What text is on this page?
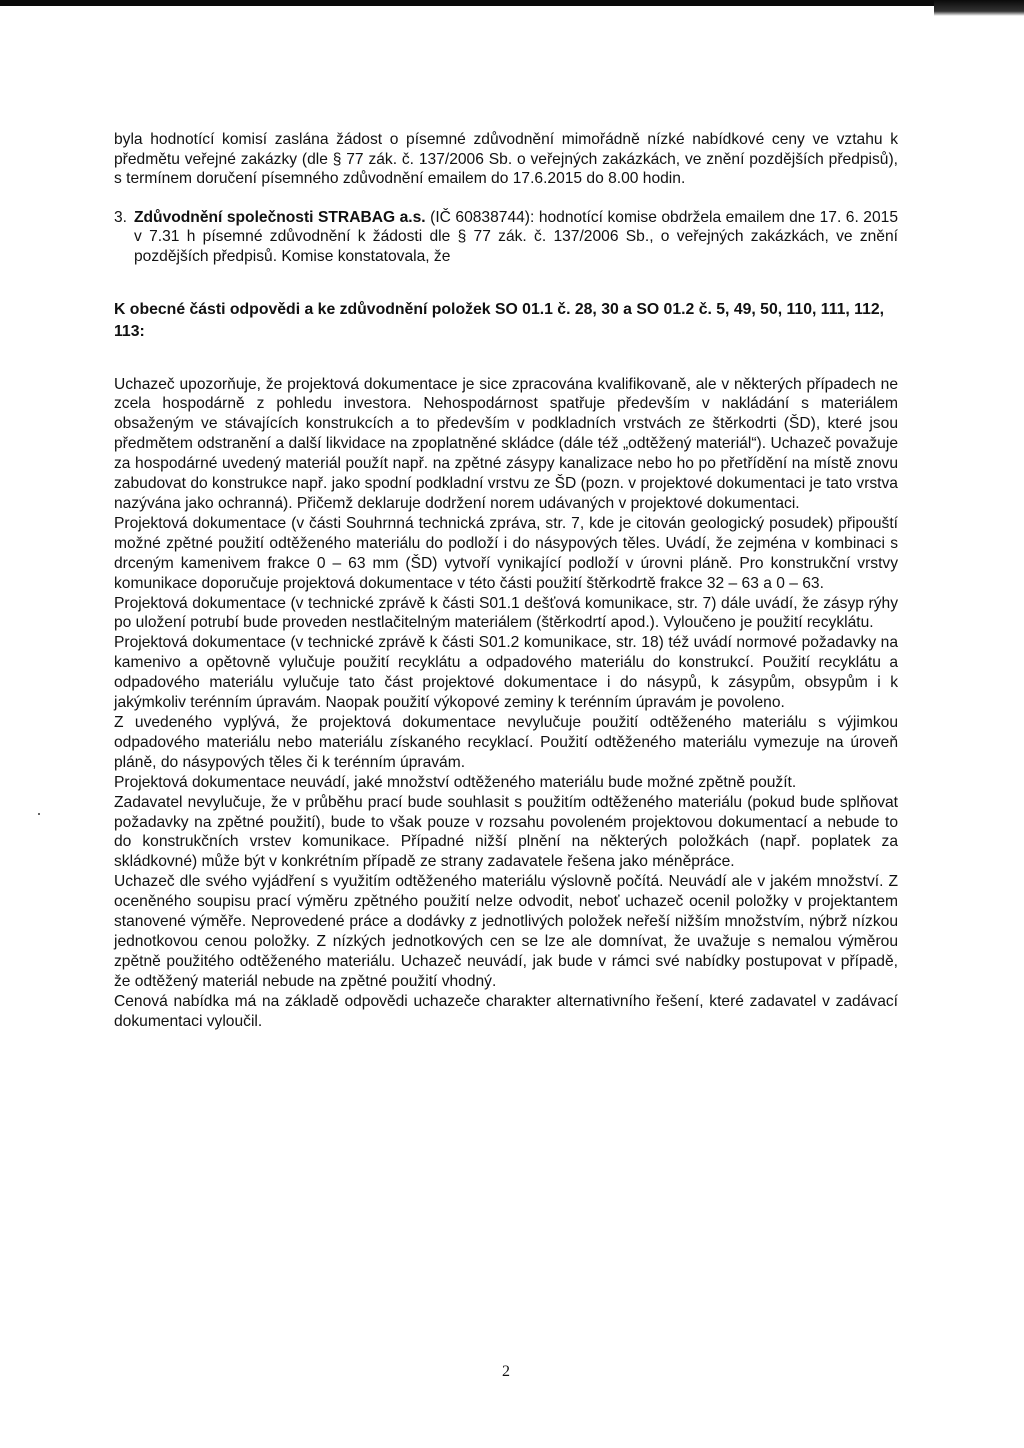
byla hodnotící komisí zaslána žádost o písemné zdůvodnění mimořádně nízké nabídkové ceny ve vztahu k předmětu veřejné zakázky (dle § 77 zák. č. 137/2006 Sb. o veřejných zakázkách, ve znění pozdějších předpisů), s termínem doručení písemného zdůvodnění emailem do 17.6.2015 do 8.00 hodin.

3. Zdůvodnění společnosti STRABAG a.s. (IČ 60838744): hodnotící komise obdržela emailem dne 17. 6. 2015 v 7.31 h písemné zdůvodnění k žádosti dle § 77 zák. č. 137/2006 Sb., o veřejných zakázkách, ve znění pozdějších předpisů. Komise konstatovala, že
K obecné části odpovědi a ke zdůvodnění položek SO 01.1 č. 28, 30 a SO 01.2 č. 5, 49, 50, 110, 111, 112, 113:

Uchazeč upozorňuje, že projektová dokumentace je sice zpracována kvalifikovaně, ale v některých případech ne zcela hospodárně z pohledu investora. Nehospodárnost spatřuje především v nakládání s materiálem obsaženým ve stávajících konstrukcích a to především v podkladních vrstvách ze štěrkodrti (ŠD), které jsou předmětem odstranění a další likvidace na zpoplatněné skládce (dále též „odtěžený materiál“). Uchazeč považuje za hospodárné uvedený materiál použít např. na zpětné zásypy kanalizace nebo ho po přetřídění na místě znovu zabudovat do konstrukce např. jako spodní podkladní vrstvu ze ŠD (pozn. v projektové dokumentaci je tato vrstva nazývána jako ochranná). Přičemž deklaruje dodržení norem udávaných v projektové dokumentaci.

Projektová dokumentace (v části Souhrnná technická zpráva, str. 7, kde je citován geologický posudek) připouští možné zpětné použití odtěženého materiálu do podloží i do násypových těles. Uvádí, že zejména v kombinaci s drceným kamenivem frakce 0 – 63 mm (ŠD) vytvoří vynikající podloží v úrovni pláně. Pro konstrukční vrstvy komunikace doporučuje projektová dokumentace v této části použití štěrkodrtě frakce 32 – 63 a 0 – 63.

Projektová dokumentace (v technické zprávě k části S01.1 dešťová komunikace, str. 7) dále uvádí, že zásyp rýhy po uložení potrubí bude proveden nestlačitelným materiálem (štěrkodrtí apod.). Vyloučeno je použití recyklátu.

Projektová dokumentace (v technické zprávě k části S01.2 komunikace, str. 18) též uvádí normové požadavky na kamenivo a opětovně vylučuje použití recyklátu a odpadového materiálu do konstrukcí. Použití recyklátu a odpadového materiálu vylučuje tato část projektové dokumentace i do násypů, k zásypům, obsypům i k jakýmkoliv terénním úpravám. Naopak použití výkopové zeminy k terénním úpravám je povoleno.

Z uvedeného vyplývá, že projektová dokumentace nevylučuje použití odtěženého materiálu s výjimkou odpadového materiálu nebo materiálu získaného recyklací. Použití odtěženého materiálu vymezuje na úroveň pláně, do násypových těles či k terénním úpravám.

Projektová dokumentace neuvádí, jaké množství odtěženého materiálu bude možné zpětně použít.

Zadavatel nevylučuje, že v průběhu prací bude souhlasit s použitím odtěženého materiálu (pokud bude splňovat požadavky na zpětné použití), bude to však pouze v rozsahu povoleném projektovou dokumentací a nebude to do konstrukčních vrstev komunikace. Případné nižší plnění na některých položkách (např. poplatek za skládkovné) může být v konkrétním případě ze strany zadavatele řešena jako méněpráce.

Uchazeč dle svého vyjádření s využitím odtěženého materiálu výslovně počítá. Neuvádí ale v jakém množství. Z oceněného soupisu prací výměru zpětného použití nelze odvodit, neboť uchazeč ocenil položky v projektantem stanovené výměře. Neprovedené práce a dodávky z jednotlivých položek neřeší nižším množstvím, nýbrž nízkou jednotkovou cenou položky. Z nízkých jednotkových cen se lze ale domnívat, že uvažuje s nemalou výměrou zpětně použitého odtěženého materiálu. Uchazeč neuvádí, jak bude v rámci své nabídky postupovat v případě, že odtěžený materiál nebude na zpětné použití vhodný.

Cenová nabídka má na základě odpovědi uchazeče charakter alternativního řešení, které zadavatel v zadávací dokumentaci vyloučil.

2
